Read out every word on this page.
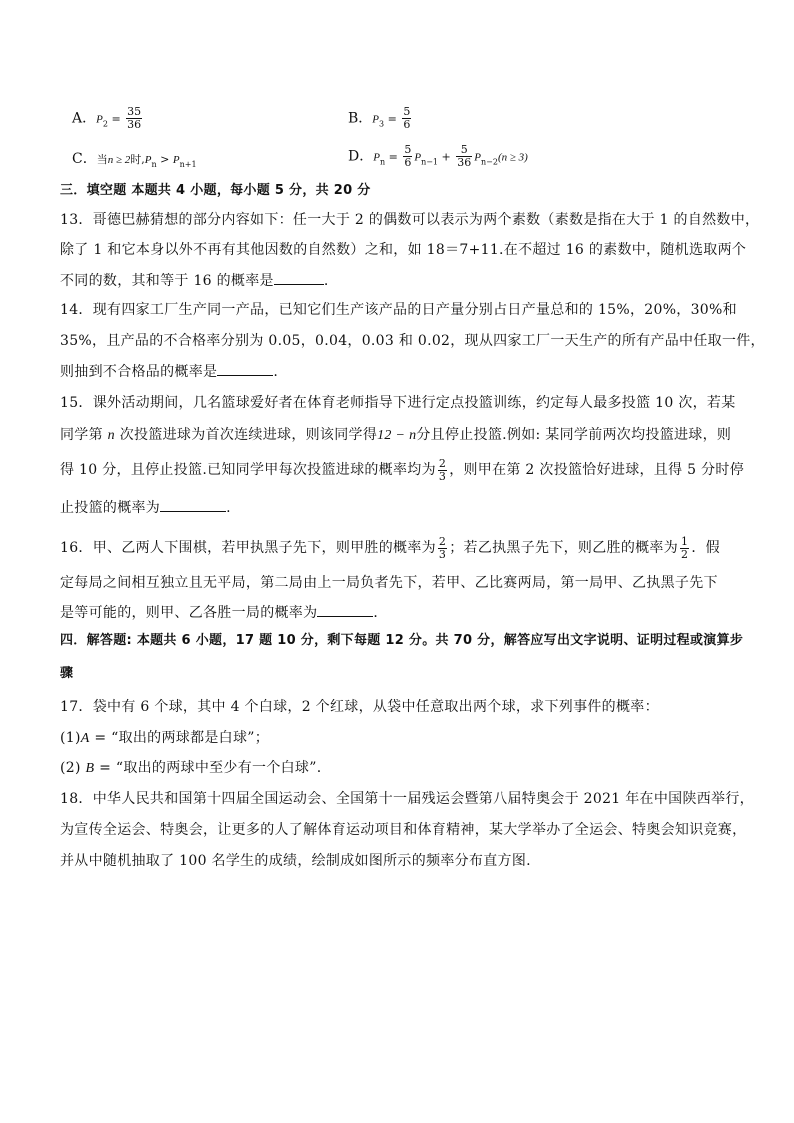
A．$P_2 = \frac{35}{36}$	B．$P_3 = \frac{5}{6}$
C．当n ≥ 2时$,P_n > P_{n+1}$	D．$P_n = \frac{5}{6} P_{n-1} + \frac{5}{36} P_{n-2}(n \ge 3)$
三．填空题 本题共 4 小题，每小题 5 分，共 20 分
13．哥德巴赫猜想的部分内容如下：任一大于 2 的偶数可以表示为两个素数（素数是指在大于 1 的自然数中，
除了 1 和它本身以外不再有其他因数的自然数）之和，如 18＝7+11.在不超过 16 的素数中，随机选取两个
不同的数，其和等于 16 的概率是	.
14．现有四家工厂生产同一产品，已知它们生产该产品的日产量分别占日产量总和的 15%，20%，30%和
35%，且产品的不合格率分别为 0.05，0.04，0.03 和 0.02，现从四家工厂一天生产的所有产品中任取一件，
则抽到不合格品的概率是	.
15．课外活动期间，几名篮球爱好者在体育老师指导下进行定点投篮训练，约定每人最多投篮 10 次，若某
同学第 n 次投篮进球为首次连续进球，则该同学得12 − n分且停止投篮.例如: 某同学前两次均投篮进球，则
得 10 分，且停止投篮.已知同学甲每次投篮进球的概率均为 $\frac{2}{3}$ ，则甲在第 2 次投篮恰好进球，且得 5 分时停
止投篮的概率为	.
16．甲、乙两人下围棋，若甲执黑子先下，则甲胜的概率为 $\frac{2}{3}$ ；若乙执黑子先下，则乙胜的概率为 $\frac{1}{2}$ ．假
定每局之间相互独立且无平局，第二局由上一局负者先下，若甲、乙比赛两局，第一局甲、乙执黑子先下
是等可能的，则甲、乙各胜一局的概率为	．
四．解答题: 本题共 6 小题，17 题 10 分，剩下每题 12 分。共 70 分，解答应写出文字说明、证明过程或演算步
骤
17．袋中有 6 个球，其中 4 个白球，2 个红球，从袋中任意取出两个球，求下列事件的概率：
(1)A = “取出的两球都是白球”；
(2) B = “取出的两球中至少有一个白球”.
18．中华人民共和国第十四届全国运动会、全国第十一届残运会暨第八届特奥会于 2021 年在中国陕西举行，
为宣传全运会、特奥会，让更多的人了解体育运动项目和体育精神，某大学举办了全运会、特奥会知识竞赛，
并从中随机抽取了 100 名学生的成绩，绘制成如图所示的频率分布直方图.
